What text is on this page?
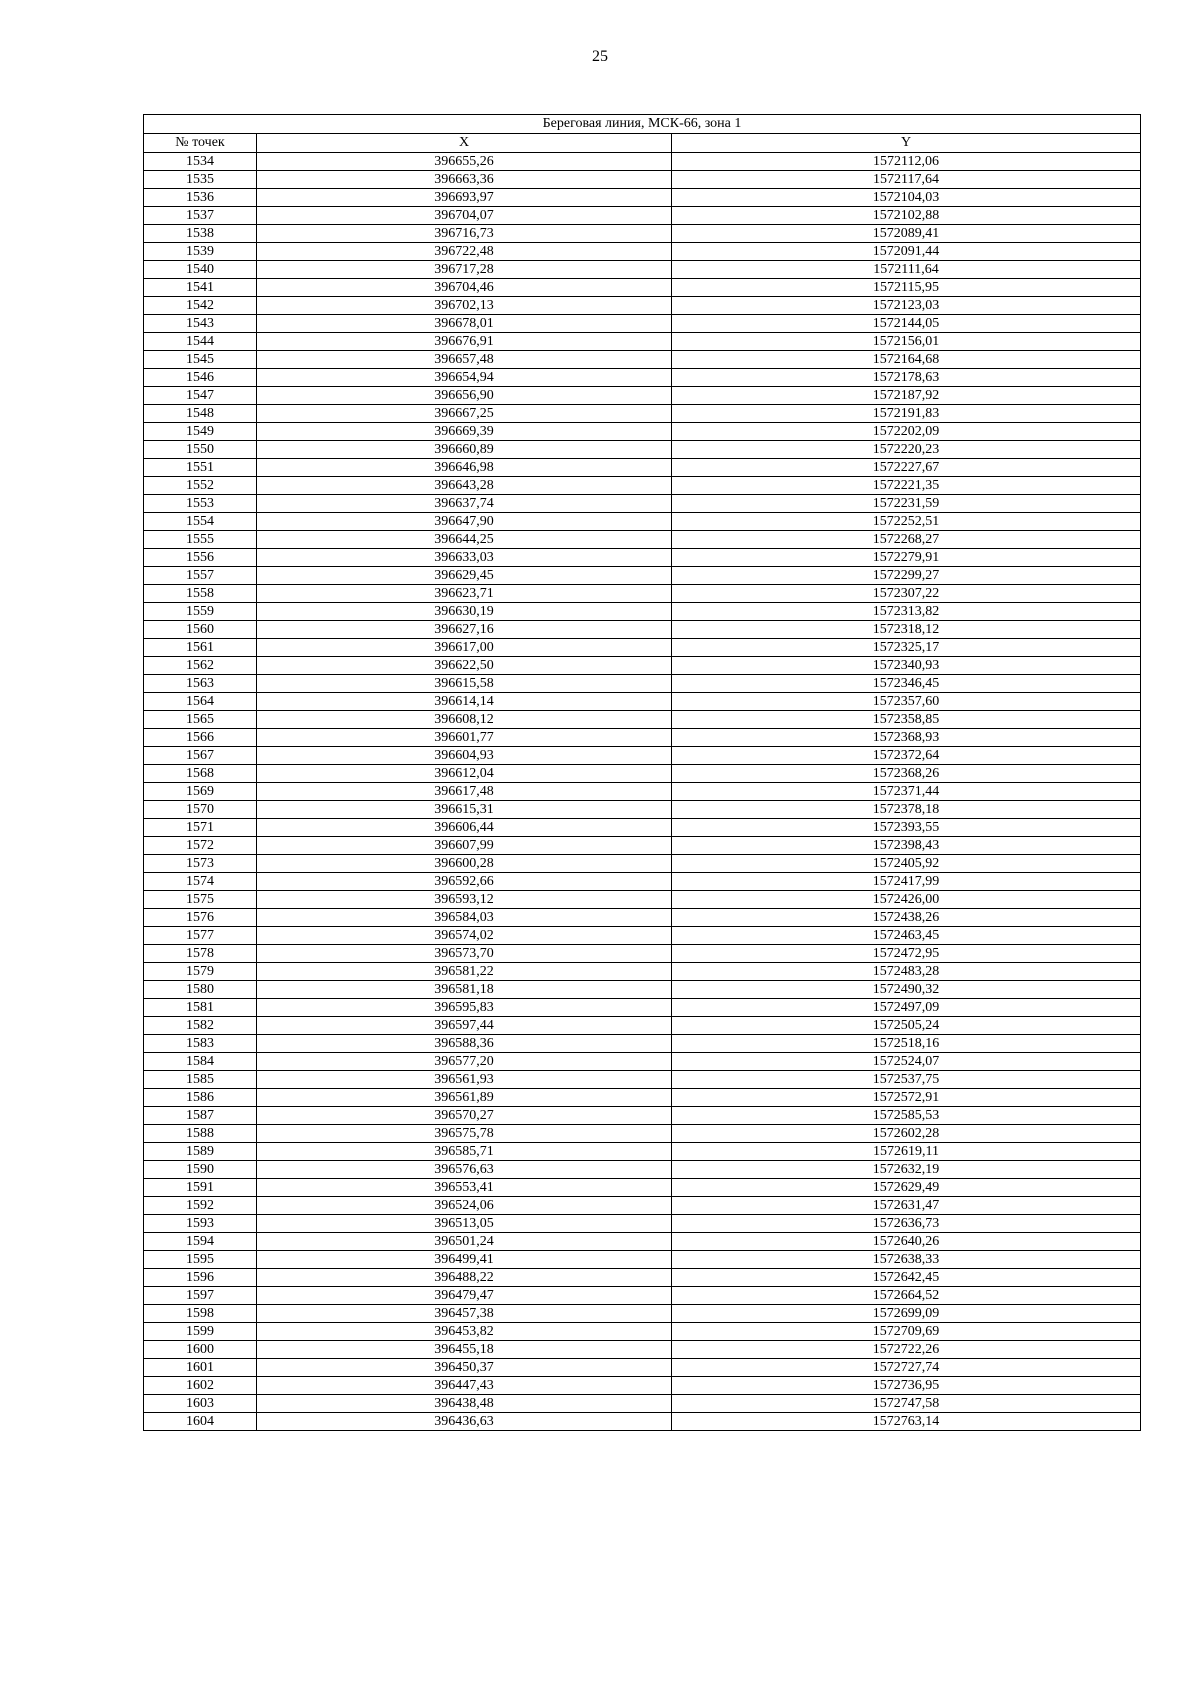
25
Береговая линия, МСК-66, зона 1		
№ точек	X	Y
1534	396655,26	1572112,06
1535	396663,36	1572117,64
1536	396693,97	1572104,03
1537	396704,07	1572102,88
1538	396716,73	1572089,41
1539	396722,48	1572091,44
1540	396717,28	1572111,64
1541	396704,46	1572115,95
1542	396702,13	1572123,03
1543	396678,01	1572144,05
1544	396676,91	1572156,01
1545	396657,48	1572164,68
1546	396654,94	1572178,63
1547	396656,90	1572187,92
1548	396667,25	1572191,83
1549	396669,39	1572202,09
1550	396660,89	1572220,23
1551	396646,98	1572227,67
1552	396643,28	1572221,35
1553	396637,74	1572231,59
1554	396647,90	1572252,51
1555	396644,25	1572268,27
1556	396633,03	1572279,91
1557	396629,45	1572299,27
1558	396623,71	1572307,22
1559	396630,19	1572313,82
1560	396627,16	1572318,12
1561	396617,00	1572325,17
1562	396622,50	1572340,93
1563	396615,58	1572346,45
1564	396614,14	1572357,60
1565	396608,12	1572358,85
1566	396601,77	1572368,93
1567	396604,93	1572372,64
1568	396612,04	1572368,26
1569	396617,48	1572371,44
1570	396615,31	1572378,18
1571	396606,44	1572393,55
1572	396607,99	1572398,43
1573	396600,28	1572405,92
1574	396592,66	1572417,99
1575	396593,12	1572426,00
1576	396584,03	1572438,26
1577	396574,02	1572463,45
1578	396573,70	1572472,95
1579	396581,22	1572483,28
1580	396581,18	1572490,32
1581	396595,83	1572497,09
1582	396597,44	1572505,24
1583	396588,36	1572518,16
1584	396577,20	1572524,07
1585	396561,93	1572537,75
1586	396561,89	1572572,91
1587	396570,27	1572585,53
1588	396575,78	1572602,28
1589	396585,71	1572619,11
1590	396576,63	1572632,19
1591	396553,41	1572629,49
1592	396524,06	1572631,47
1593	396513,05	1572636,73
1594	396501,24	1572640,26
1595	396499,41	1572638,33
1596	396488,22	1572642,45
1597	396479,47	1572664,52
1598	396457,38	1572699,09
1599	396453,82	1572709,69
1600	396455,18	1572722,26
1601	396450,37	1572727,74
1602	396447,43	1572736,95
1603	396438,48	1572747,58
1604	396436,63	1572763,14
